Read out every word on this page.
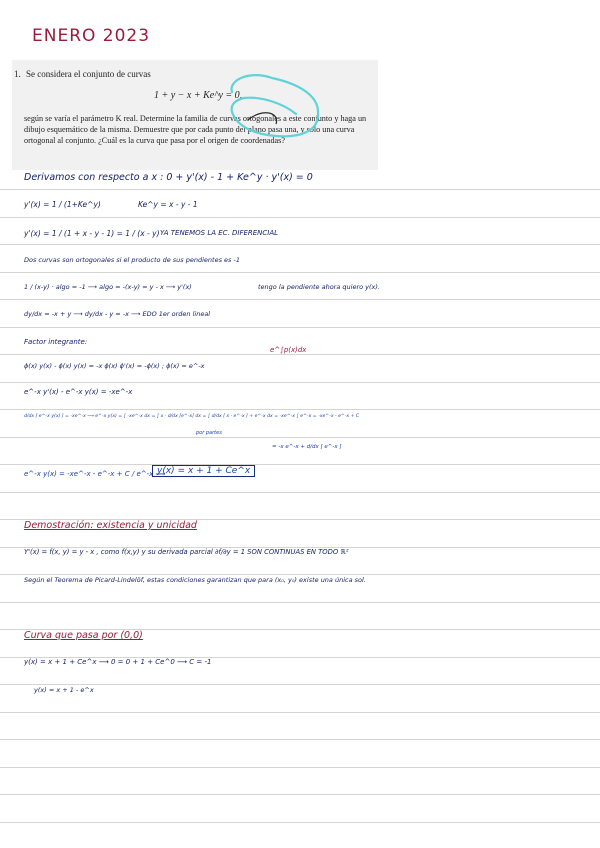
ENERO 2023
1. Se considera el conjunto de curvas
1 + y − x + Ke^y = 0,
según se varía el parámetro K real. Determine la familia de curvas ortogonales a este conjunto y haga un dibujo esquemático de la misma. Demuestre que por cada punto del plano pasa una, y solo una curva ortogonal al conjunto. ¿Cuál es la curva que pasa por el origen de coordenadas?
Derivamos con respecto a x : 0 + y'(x) - 1 + Ke^y · y'(x) = 0
y'(x) = 1 / (1+Ke^y)	Ke^y = x - y - 1
y'(x) = 1 / (1 + x - y - 1) = 1 / (x - y) YA TENEMOS LA EC. DIFERENCIAL
Dos curvas son ortogonales si el producto de sus pendientes es -1
1 / (x-y) · algo = -1 ⟶ algo = -(x-y) = y - x ⟶ y'(x)	tengo la pendiente ahora quiero y(x).
dy/dx = -x + y ⟶ dy/dx - y = -x ⟶ EDO 1er orden lineal
Factor integrante:
ϕ(x) y(x) - ϕ(x) y(x) = -x ϕ(x) ϕ'(x) = -ϕ(x) ; ϕ(x) = e^-x
e^∫p(x)dx
e^-x y'(x) - e^-x y(x) = -xe^-x
d/dx [ e^-x y(x) ] = -xe^-x ⟶ e^-x y(x) = ∫ -xe^-x dx = ∫ x · d/dx [e^-x] dx = ∫ d/dx [ x · e^-x ] + e^-x dx = -xe^-x ∫ e^-x = -xe^-x - e^-x + C
por partes
= -x e^-x + d/dx [ e^-x ]
e^-x y(x) = -xe^-x - e^-x + C / e^-x ⟹
y(x) = x + 1 + Ce^x
Demostración: existencia y unicidad
Y'(x) = f(x, y) = y - x , como f(x,y) y su derivada parcial ∂f/∂y = 1 SON CONTINUAS EN TODO ℝ²
Según el Teorema de Picard-Lindelöf, estas condiciones garantizan que para (x₀, y₀) existe una única sol.
Curva que pasa por (0,0)
y(x) = x + 1 + Ce^x ⟶ 0 = 0 + 1 + Ce^0 ⟶ C = -1
y(x) = x + 1 - e^x
